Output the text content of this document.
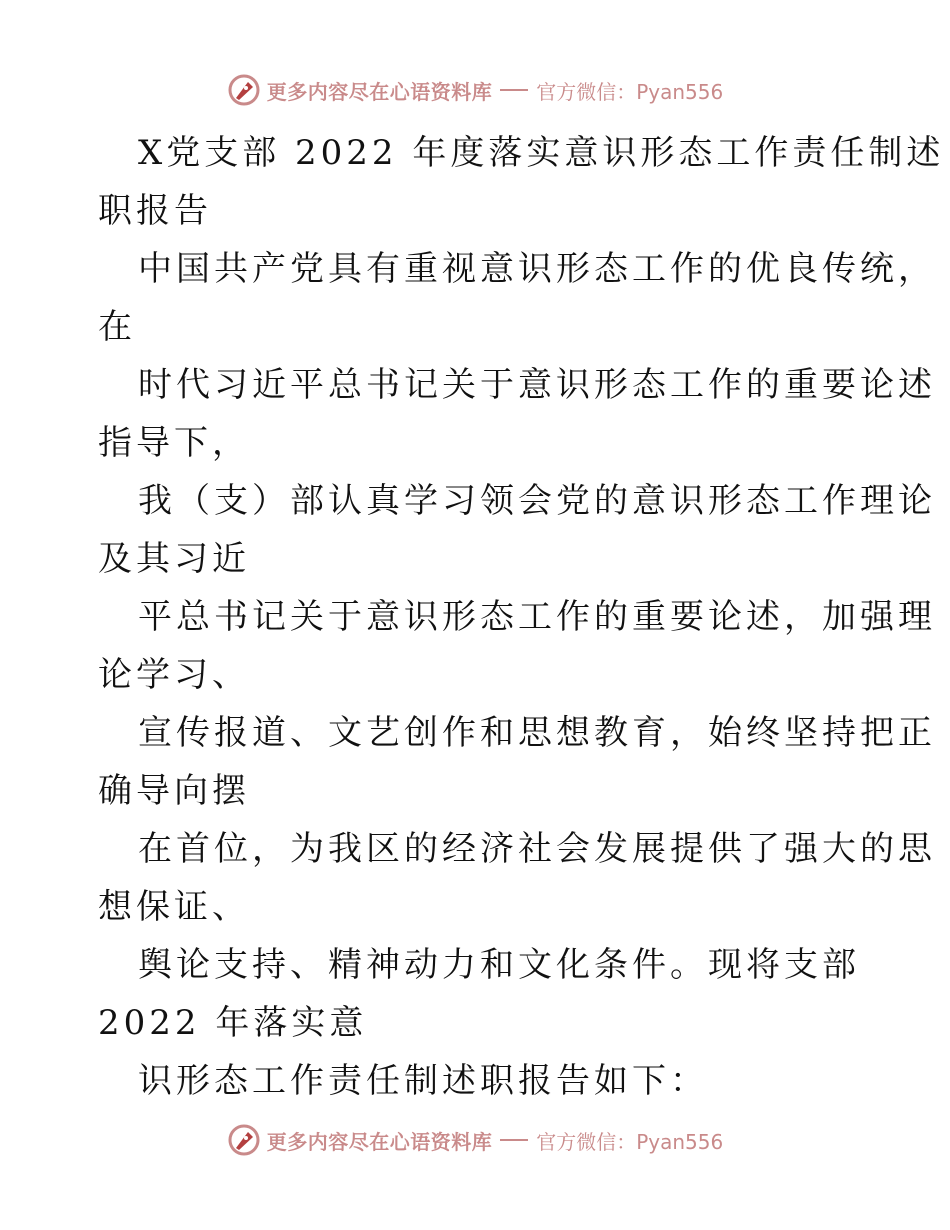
更多内容尽在心语资料库 官方微信：Pyan556
X党支部 2022 年度落实意识形态工作责任制述
职报告
中国共产党具有重视意识形态工作的优良传统，
在
时代习近平总书记关于意识形态工作的重要论述
指导下，
我（支）部认真学习领会党的意识形态工作理论
及其习近
平总书记关于意识形态工作的重要论述，加强理
论学习、
宣传报道、文艺创作和思想教育，始终坚持把正
确导向摆
在首位，为我区的经济社会发展提供了强大的思
想保证、
舆论支持、精神动力和文化条件。现将支部
2022 年落实意
识形态工作责任制述职报告如下：
更多内容尽在心语资料库 官方微信：Pyan556
